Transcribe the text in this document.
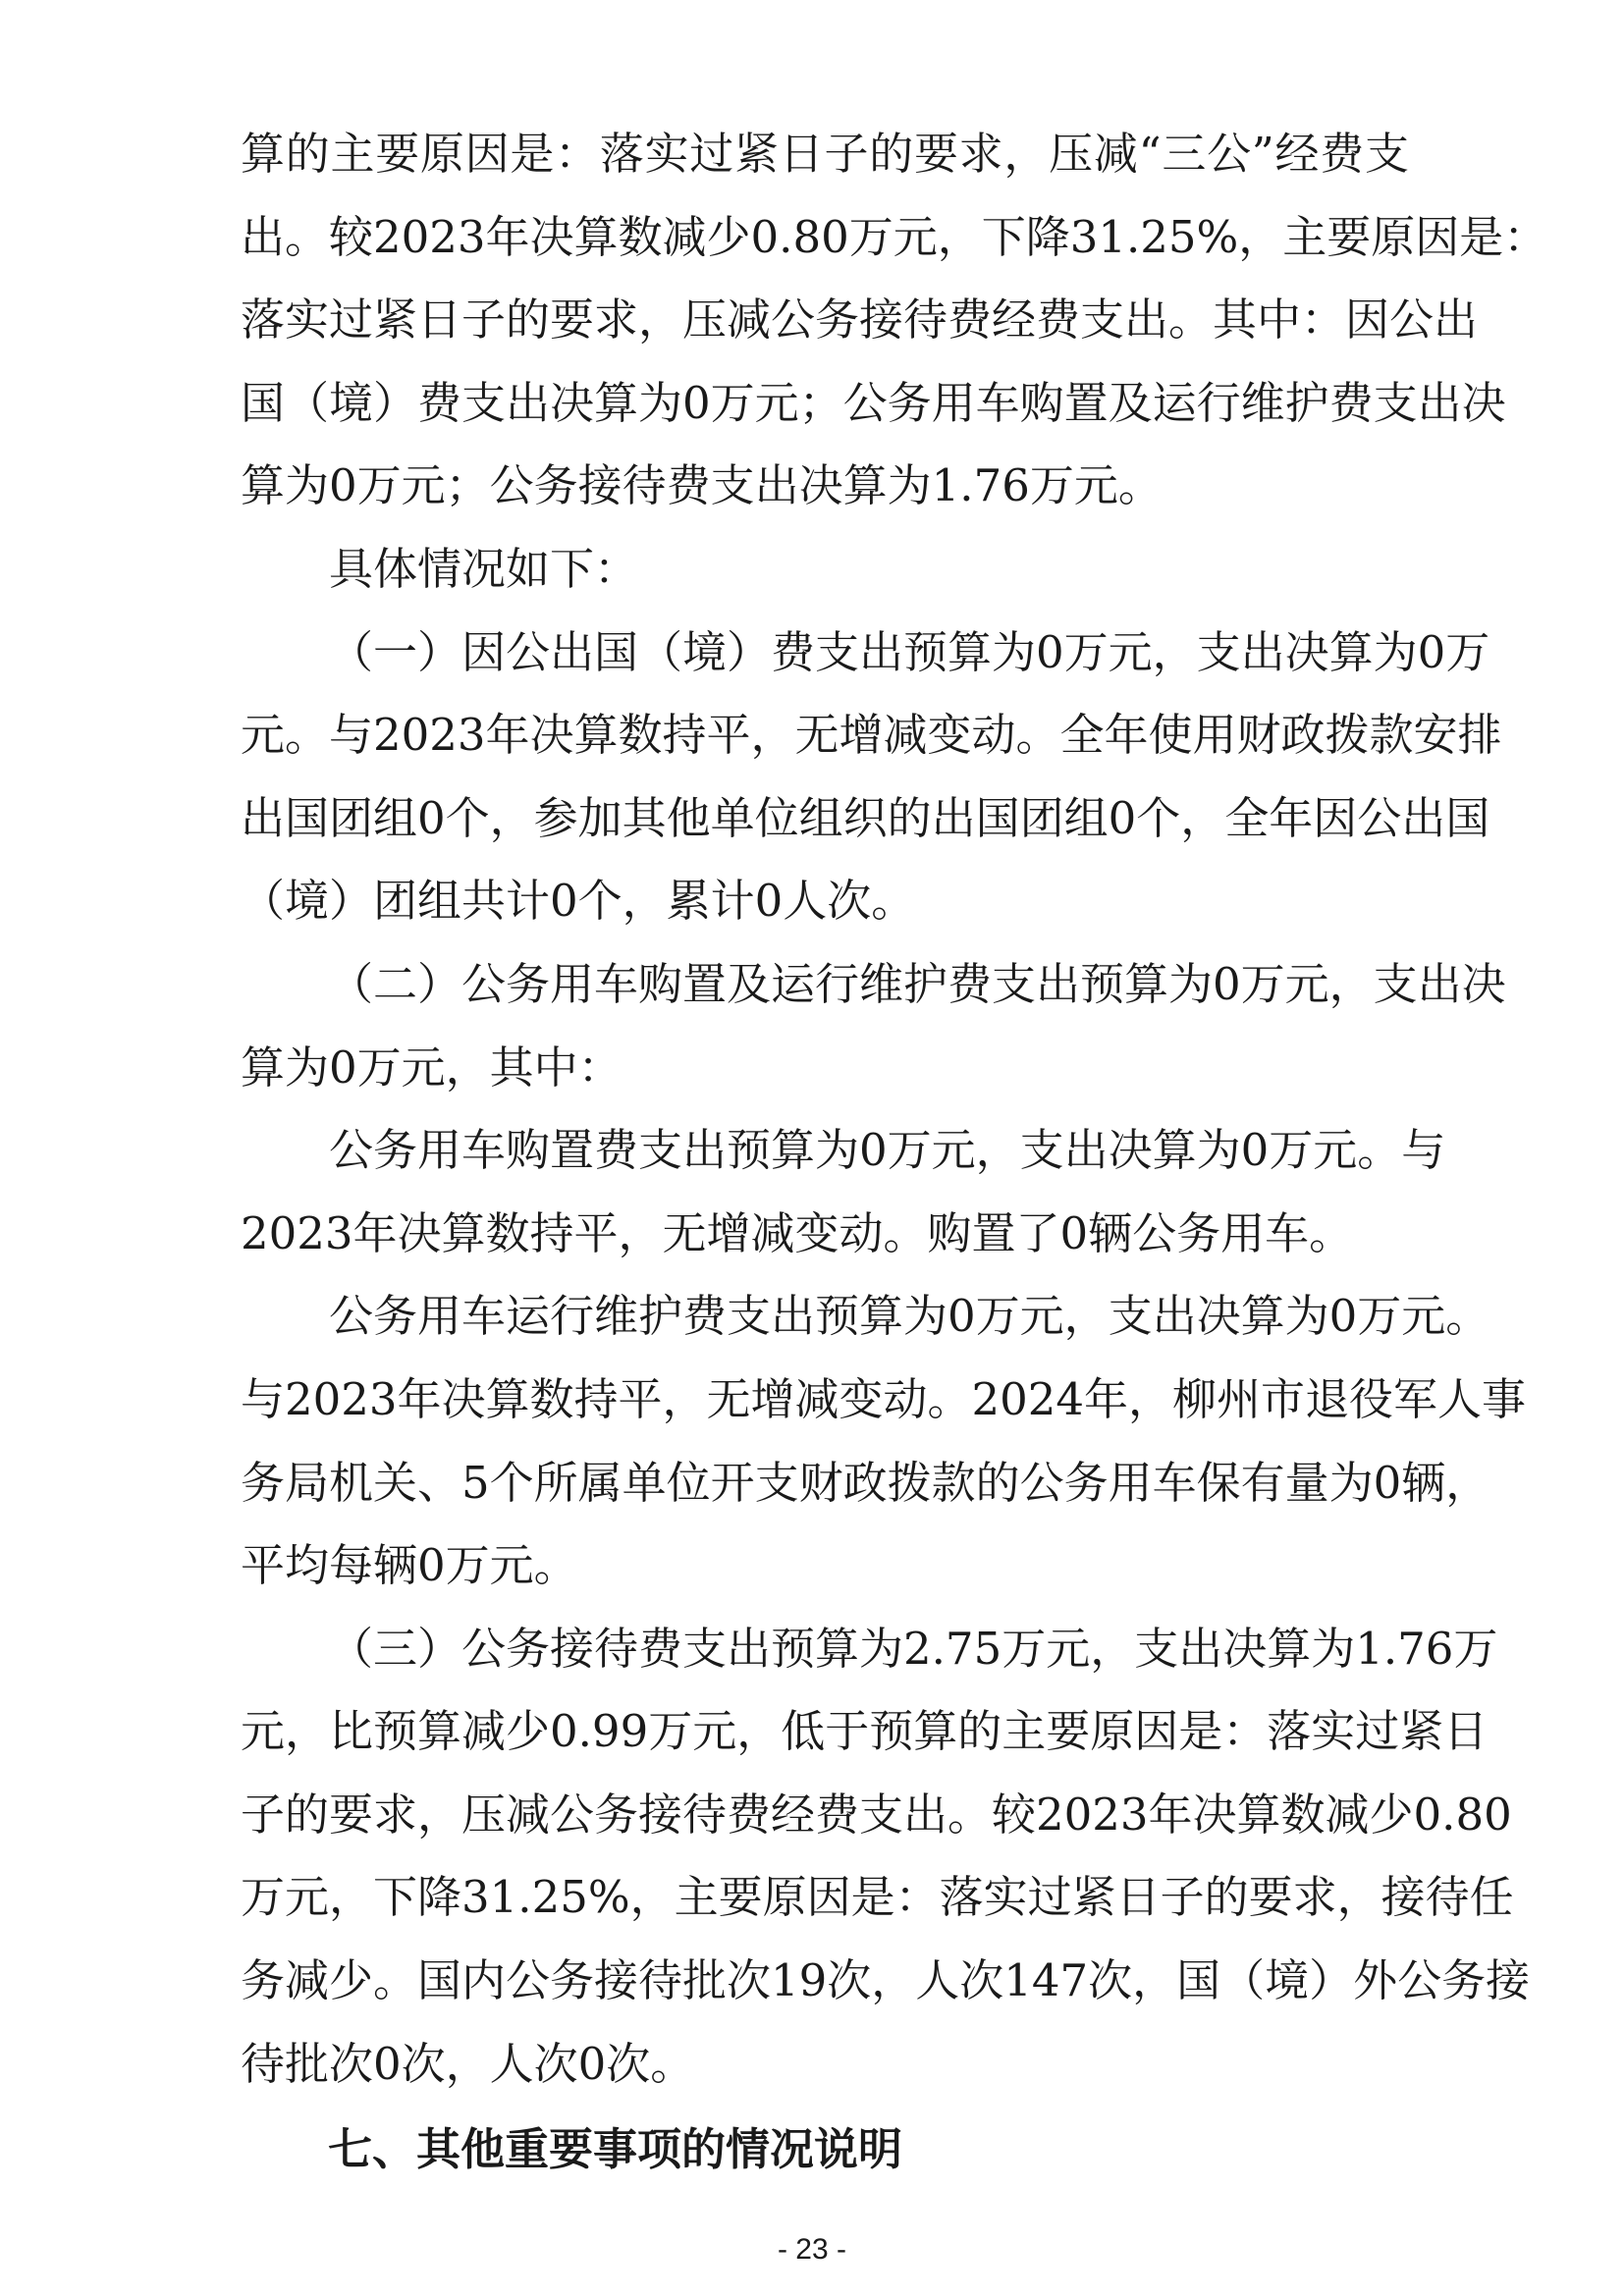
算的主要原因是：落实过紧日子的要求，压减“三公”经费支
出。较2023年决算数减少0.80万元，下降31.25%，主要原因是：
落实过紧日子的要求，压减公务接待费经费支出。其中：因公出
国（境）费支出决算为0万元；公务用车购置及运行维护费支出决
算为0万元；公务接待费支出决算为1.76万元。
具体情况如下：
（一）因公出国（境）费支出预算为0万元，支出决算为0万
元。与2023年决算数持平，无增减变动。全年使用财政拨款安排
出国团组0个，参加其他单位组织的出国团组0个，全年因公出国
（境）团组共计0个，累计0人次。
（二）公务用车购置及运行维护费支出预算为0万元，支出决
算为0万元，其中：
公务用车购置费支出预算为0万元，支出决算为0万元。与
2023年决算数持平，无增减变动。购置了0辆公务用车。
公务用车运行维护费支出预算为0万元，支出决算为0万元。
与2023年决算数持平，无增减变动。2024年，柳州市退役军人事
务局机关、5个所属单位开支财政拨款的公务用车保有量为0辆，
平均每辆0万元。
（三）公务接待费支出预算为2.75万元，支出决算为1.76万
元，比预算减少0.99万元，低于预算的主要原因是：落实过紧日
子的要求，压减公务接待费经费支出。较2023年决算数减少0.80
万元，下降31.25%，主要原因是：落实过紧日子的要求，接待任
务减少。国内公务接待批次19次，人次147次，国（境）外公务接
待批次0次，人次0次。
七、其他重要事项的情况说明
- 23 -
